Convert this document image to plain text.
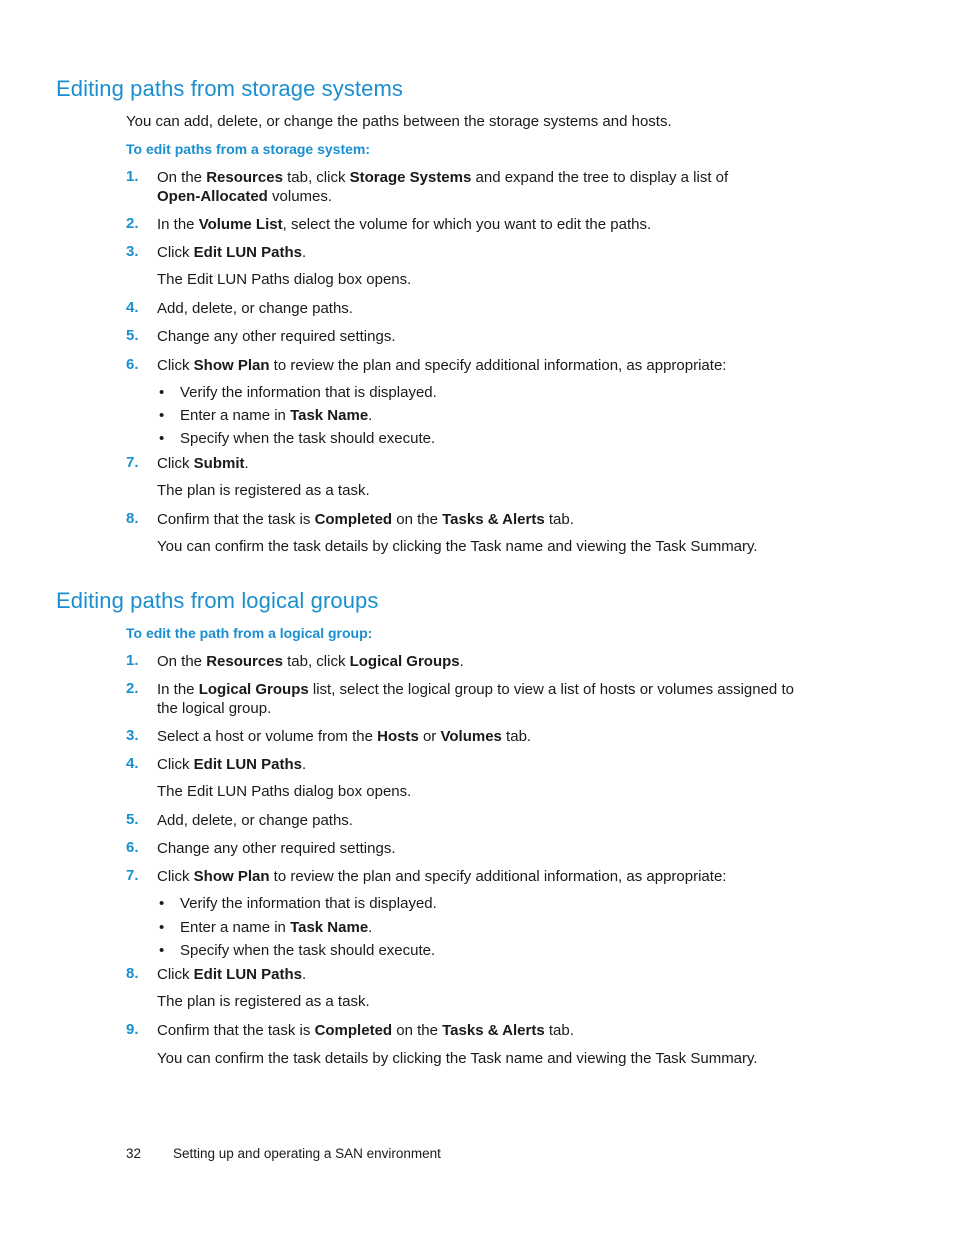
Editing paths from storage systems
You can add, delete, or change the paths between the storage systems and hosts.
To edit paths from a storage system:
1. On the Resources tab, click Storage Systems and expand the tree to display a list of
Open-Allocated volumes.
2. In the Volume List, select the volume for which you want to edit the paths.
3. Click Edit LUN Paths.
The Edit LUN Paths dialog box opens.
4. Add, delete, or change paths.
5. Change any other required settings.
6. Click Show Plan to review the plan and specify additional information, as appropriate:
• Verify the information that is displayed.
• Enter a name in Task Name.
• Specify when the task should execute.
7. Click Submit.
The plan is registered as a task.
8. Confirm that the task is Completed on the Tasks & Alerts tab.
You can confirm the task details by clicking the Task name and viewing the Task Summary.
Editing paths from logical groups
To edit the path from a logical group:
1. On the Resources tab, click Logical Groups.
2. In the Logical Groups list, select the logical group to view a list of hosts or volumes assigned to
the logical group.
3. Select a host or volume from the Hosts or Volumes tab.
4. Click Edit LUN Paths.
The Edit LUN Paths dialog box opens.
5. Add, delete, or change paths.
6. Change any other required settings.
7. Click Show Plan to review the plan and specify additional information, as appropriate:
• Verify the information that is displayed.
• Enter a name in Task Name.
• Specify when the task should execute.
8. Click Edit LUN Paths.
The plan is registered as a task.
9. Confirm that the task is Completed on the Tasks & Alerts tab.
You can confirm the task details by clicking the Task name and viewing the Task Summary.
32 Setting up and operating a SAN environment
